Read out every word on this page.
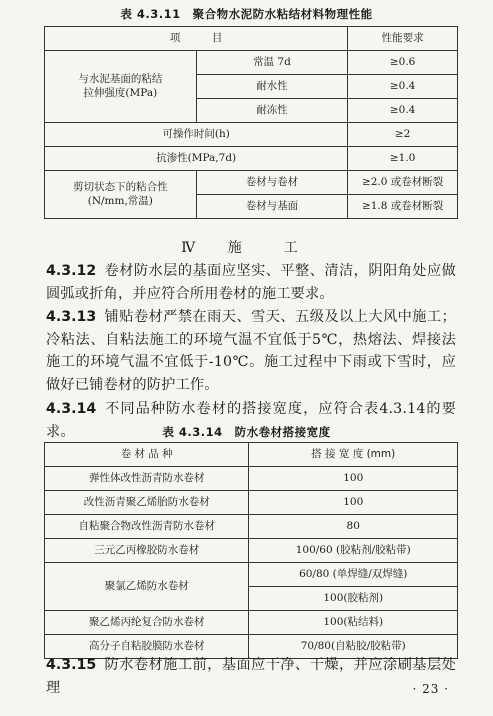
表 4.3.11　聚合物水泥防水粘结材料物理性能
项　　　目		性能要求

与水泥基面的粘结
拉伸强度(MPa)	常温 7d	≥0.6
	耐水性	≥0.4
	耐冻性	≥0.4
可操作时间(h)		≥2
抗渗性(MPa,7d)		≥1.0

剪切状态下的粘合性
(N/mm,常温)	卷材与卷材	≥2.0 或卷材断裂
	卷材与基面	≥1.8 或卷材断裂
Ⅳ 施　工
4.3.12 卷材防水层的基面应坚实、平整、清洁，阴阳角处应做圆弧或折角，并应符合所用卷材的施工要求。
4.3.13 铺贴卷材严禁在雨天、雪天、五级及以上大风中施工；冷粘法、自粘法施工的环境气温不宜低于5℃，热熔法、焊接法施工的环境气温不宜低于-10℃。施工过程中下雨或下雪时，应做好已铺卷材的防护工作。
4.3.14 不同品种防水卷材的搭接宽度，应符合表4.3.14的要求。	表 4.3.14　防水卷材搭接宽度
卷 材 品 种	搭 接 宽 度 (mm)
弹性体改性沥青防水卷材	100
改性沥青聚乙烯胎防水卷材	100
自粘聚合物改性沥青防水卷材	80
三元乙丙橡胶防水卷材	100/60 (胶粘剂/胶粘带)
聚氯乙烯防水卷材	60/80 (单焊缝/双焊缝)
	100(胶粘剂)
聚乙烯丙纶复合防水卷材	100(粘结料)
高分子自粘胶膜防水卷材	70/80(自粘胶/胶粘带)
4.3.15 防水卷材施工前，基面应干净、干燥，并应涂刷基层处理	· 23 ·
